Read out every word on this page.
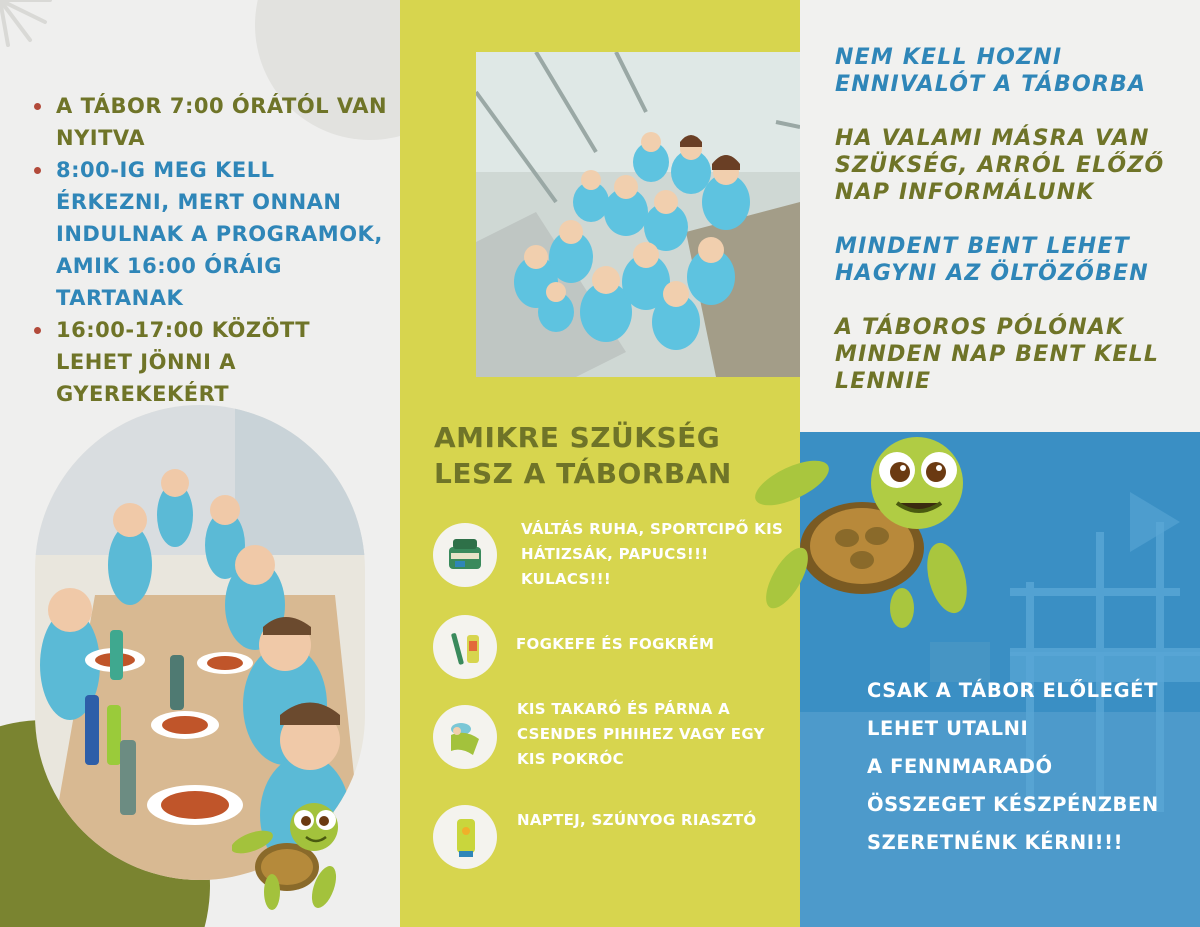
A TÁBOR 7:00 ÓRÁTÓL VAN NYITVA
8:00-IG MEG KELL ÉRKEZNI, MERT ONNAN INDULNAK A PROGRAMOK, AMIK 16:00 ÓRÁIG TARTANAK
16:00-17:00 KÖZÖTT LEHET JÖNNI A GYEREKEKÉRT
AMIKRE SZÜKSÉG LESZ A TÁBORBAN
VÁLTÁS RUHA, SPORTCIPŐ KIS HÁTIZSÁK, PAPUCS!!! KULACS!!!
FOGKEFE ÉS FOGKRÉM
KIS TAKARÓ ÉS PÁRNA A CSENDES PIHIHEZ VAGY EGY KIS POKRÓC
NAPTEJ, SZÚNYOG RIASZTÓ
NEM KELL HOZNI ENNIVALÓT A TÁBORBA
HA VALAMI MÁSRA VAN SZÜKSÉG, ARRÓL ELŐZŐ NAP INFORMÁLUNK
MINDENT BENT LEHET HAGYNI AZ ÖLTÖZŐBEN
A TÁBOROS PÓLÓNAK MINDEN NAP BENT KELL LENNIE
CSAK A TÁBOR ELŐLEGÉT
LEHET UTALNI
A FENNMARADÓ
ÖSSZEGET KÉSZPÉNZBEN
SZERETNÉNK KÉRNI!!!
